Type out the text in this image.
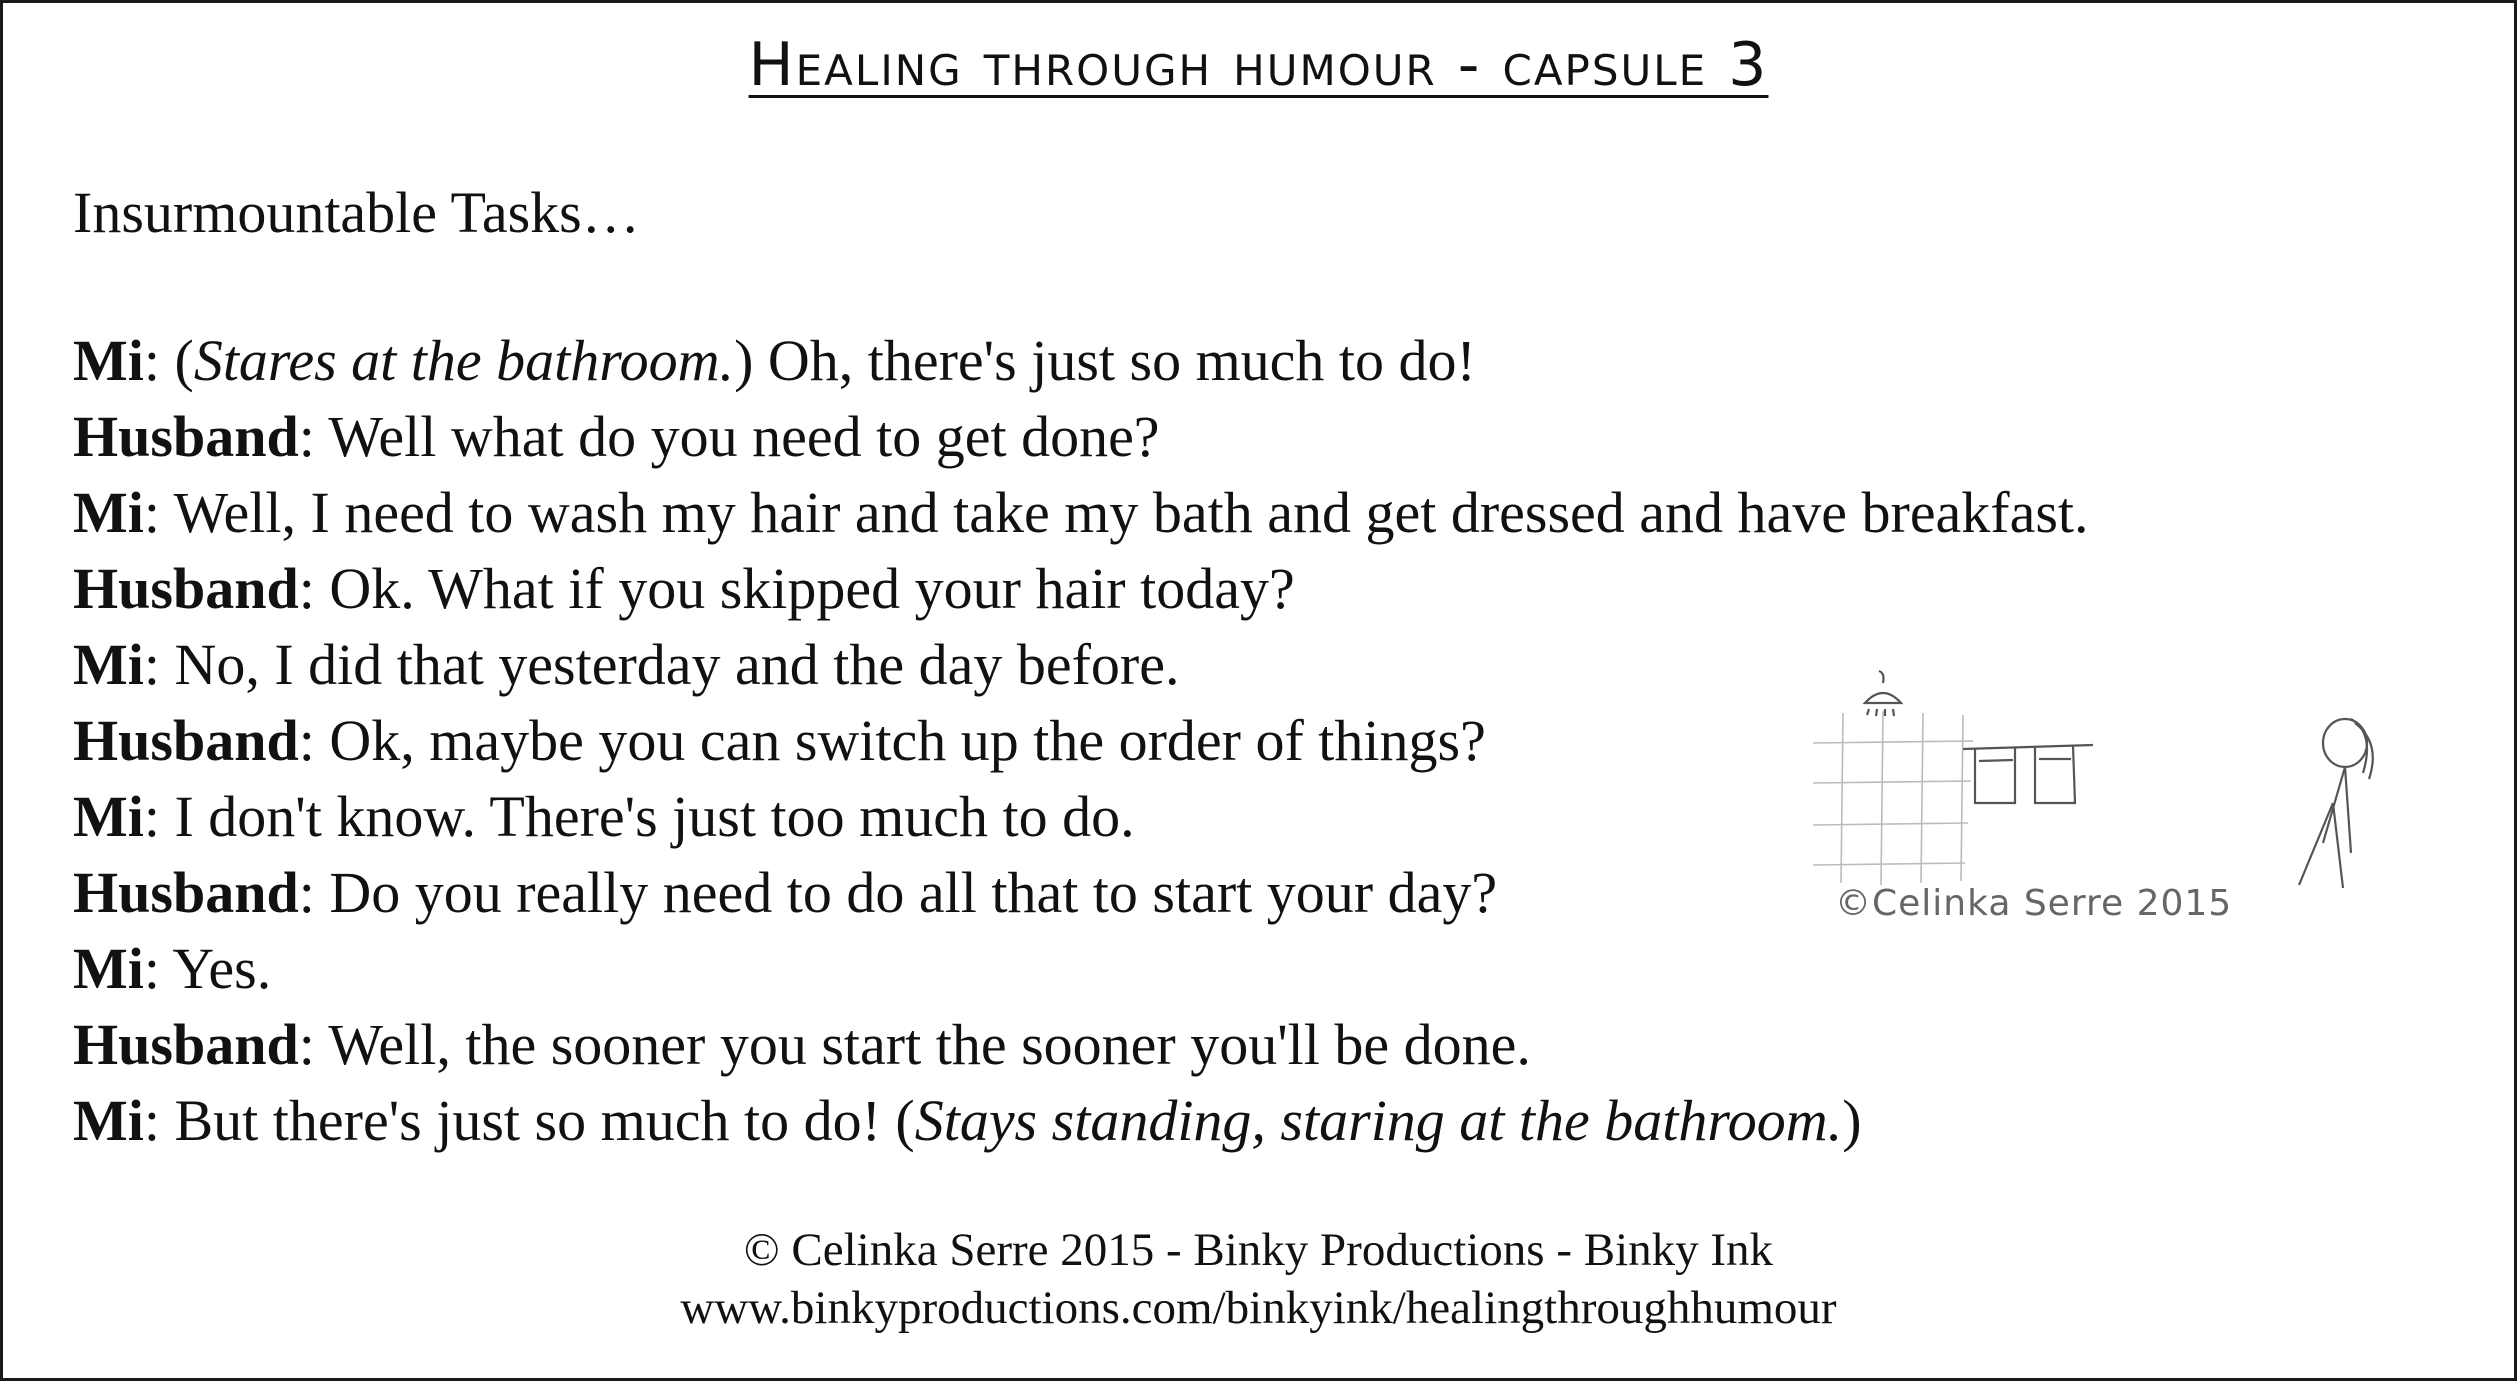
Healing through humour - capsule 3
Insurmountable Tasks…
Mi: (Stares at the bathroom.) Oh, there's just so much to do!
Husband: Well what do you need to get done?
Mi: Well, I need to wash my hair and take my bath and get dressed and have breakfast.
Husband: Ok. What if you skipped your hair today?
Mi: No, I did that yesterday and the day before.
Husband: Ok, maybe you can switch up the order of things?
Mi: I don't know. There's just too much to do.
Husband: Do you really need to do all that to start your day?
Mi: Yes.
Husband: Well, the sooner you start the sooner you'll be done.
Mi: But there's just so much to do! (Stays standing, staring at the bathroom.)
©Celinka Serre 2015
© Celinka Serre 2015 - Binky Productions - Binky Ink
www.binkyproductions.com/binkyink/healingthroughhumour
